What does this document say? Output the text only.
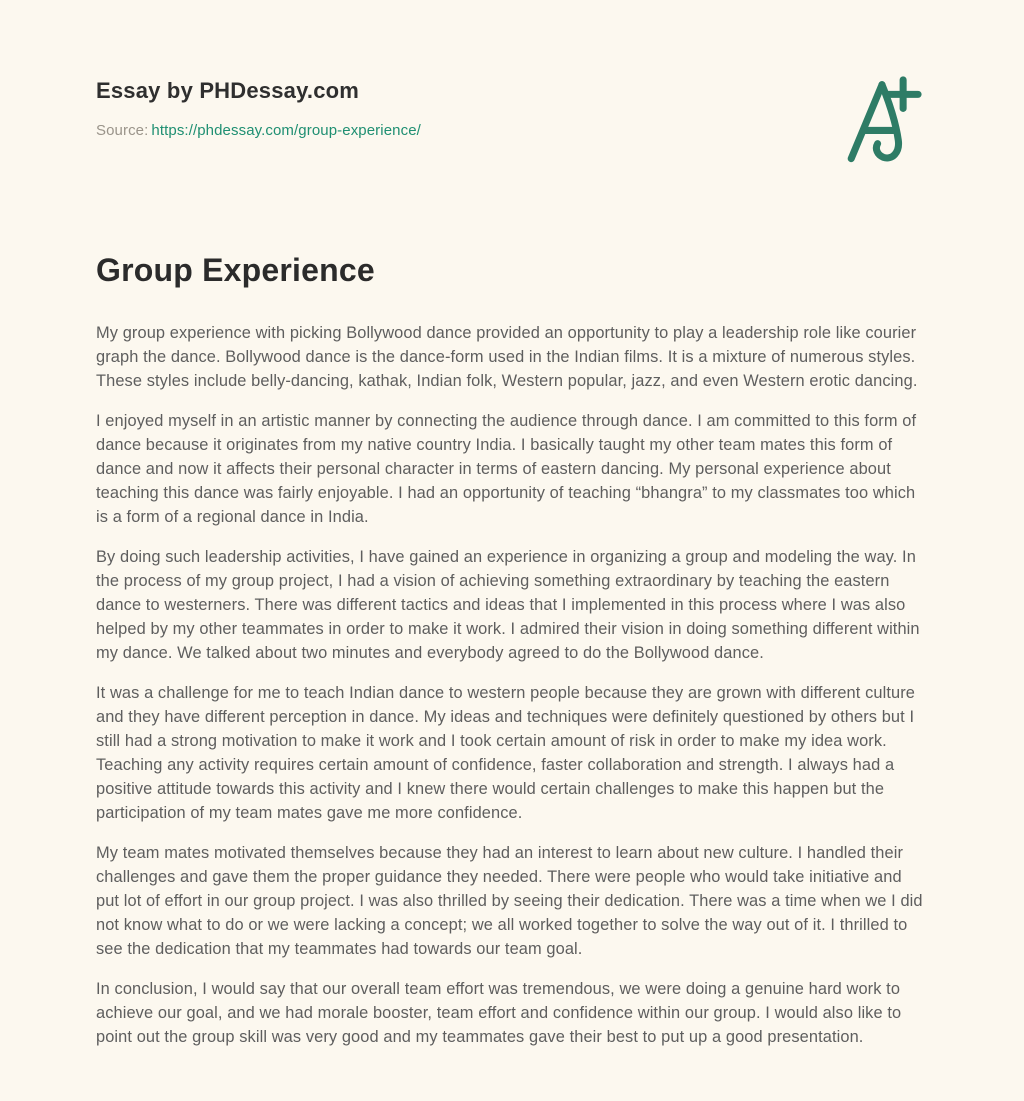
Essay by PHDessay.com
Source: https://phdessay.com/group-experience/
Group Experience

My group experience with picking Bollywood dance provided an opportunity to play a leadership role like courier graph the dance. Bollywood dance is the dance-form used in the Indian films. It is a mixture of numerous styles. These styles include belly-dancing, kathak, Indian folk, Western popular, jazz, and even Western erotic dancing.

I enjoyed myself in an artistic manner by connecting the audience through dance. I am committed to this form of dance because it originates from my native country India. I basically taught my other team mates this form of dance and now it affects their personal character in terms of eastern dancing. My personal experience about teaching this dance was fairly enjoyable. I had an opportunity of teaching “bhangra” to my classmates too which is a form of a regional dance in India.

By doing such leadership activities, I have gained an experience in organizing a group and modeling the way. In the process of my group project, I had a vision of achieving something extraordinary by teaching the eastern dance to westerners. There was different tactics and ideas that I implemented in this process where I was also helped by my other teammates in order to make it work. I admired their vision in doing something different within my dance. We talked about two minutes and everybody agreed to do the Bollywood dance.

It was a challenge for me to teach Indian dance to western people because they are grown with different culture and they have different perception in dance. My ideas and techniques were definitely questioned by others but I still had a strong motivation to make it work and I took certain amount of risk in order to make my idea work. Teaching any activity requires certain amount of confidence, faster collaboration and strength. I always had a positive attitude towards this activity and I knew there would certain challenges to make this happen but the participation of my team mates gave me more confidence.

My team mates motivated themselves because they had an interest to learn about new culture. I handled their challenges and gave them the proper guidance they needed. There were people who would take initiative and put lot of effort in our group project. I was also thrilled by seeing their dedication. There was a time when we I did not know what to do or we were lacking a concept; we all worked together to solve the way out of it. I thrilled to see the dedication that my teammates had towards our team goal.

In conclusion, I would say that our overall team effort was tremendous, we were doing a genuine hard work to achieve our goal, and we had morale booster, team effort and confidence within our group. I would also like to point out the group skill was very good and my teammates gave their best to put up a good presentation.
